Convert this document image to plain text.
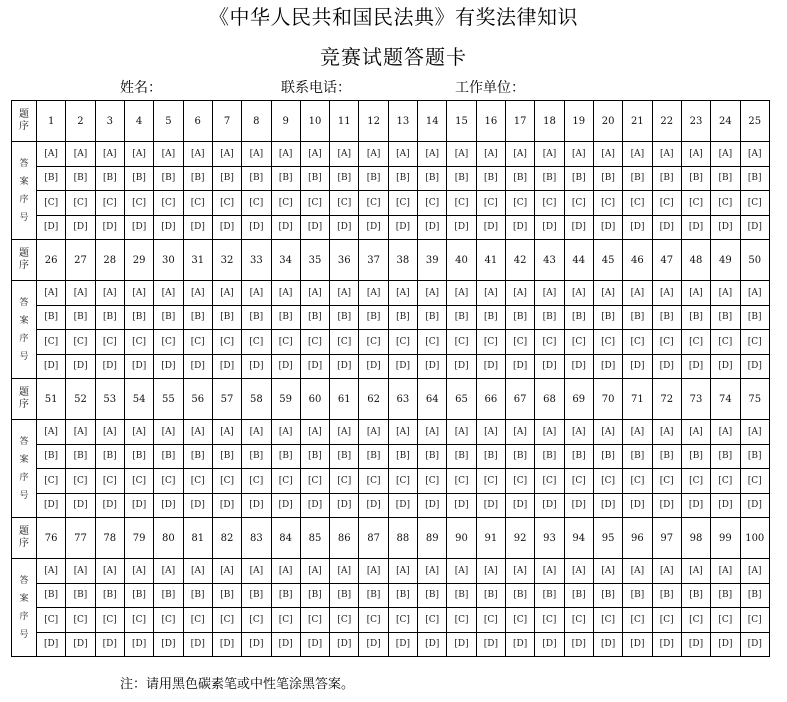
《中华人民共和国民法典》有奖法律知识
竞赛试题答题卡
姓名：	联系电话：	工作单位：
题
序	1	2	3	4	5	6	7	8	9	10	11	12	13	14	15	16	17	18	19	20	21	22	23	24	25

答
案
序
号	[A]	[A]	[A]	[A]	[A]	[A]	[A]	[A]	[A]	[A]	[A]	[A]	[A]	[A]	[A]	[A]	[A]	[A]	[A]	[A]	[A]	[A]	[A]	[A]	[A]
	[B]	[B]	[B]	[B]	[B]	[B]	[B]	[B]	[B]	[B]	[B]	[B]	[B]	[B]	[B]	[B]	[B]	[B]	[B]	[B]	[B]	[B]	[B]	[B]	[B]
	[C]	[C]	[C]	[C]	[C]	[C]	[C]	[C]	[C]	[C]	[C]	[C]	[C]	[C]	[C]	[C]	[C]	[C]	[C]	[C]	[C]	[C]	[C]	[C]	[C]
	[D]	[D]	[D]	[D]	[D]	[D]	[D]	[D]	[D]	[D]	[D]	[D]	[D]	[D]	[D]	[D]	[D]	[D]	[D]	[D]	[D]	[D]	[D]	[D]	[D]

题
序	26	27	28	29	30	31	32	33	34	35	36	37	38	39	40	41	42	43	44	45	46	47	48	49	50

答
案
序
号	[A]	[A]	[A]	[A]	[A]	[A]	[A]	[A]	[A]	[A]	[A]	[A]	[A]	[A]	[A]	[A]	[A]	[A]	[A]	[A]	[A]	[A]	[A]	[A]	[A]
	[B]	[B]	[B]	[B]	[B]	[B]	[B]	[B]	[B]	[B]	[B]	[B]	[B]	[B]	[B]	[B]	[B]	[B]	[B]	[B]	[B]	[B]	[B]	[B]	[B]
	[C]	[C]	[C]	[C]	[C]	[C]	[C]	[C]	[C]	[C]	[C]	[C]	[C]	[C]	[C]	[C]	[C]	[C]	[C]	[C]	[C]	[C]	[C]	[C]	[C]
	[D]	[D]	[D]	[D]	[D]	[D]	[D]	[D]	[D]	[D]	[D]	[D]	[D]	[D]	[D]	[D]	[D]	[D]	[D]	[D]	[D]	[D]	[D]	[D]	[D]

题
序	51	52	53	54	55	56	57	58	59	60	61	62	63	64	65	66	67	68	69	70	71	72	73	74	75

答
案
序
号	[A]	[A]	[A]	[A]	[A]	[A]	[A]	[A]	[A]	[A]	[A]	[A]	[A]	[A]	[A]	[A]	[A]	[A]	[A]	[A]	[A]	[A]	[A]	[A]	[A]
	[B]	[B]	[B]	[B]	[B]	[B]	[B]	[B]	[B]	[B]	[B]	[B]	[B]	[B]	[B]	[B]	[B]	[B]	[B]	[B]	[B]	[B]	[B]	[B]	[B]
	[C]	[C]	[C]	[C]	[C]	[C]	[C]	[C]	[C]	[C]	[C]	[C]	[C]	[C]	[C]	[C]	[C]	[C]	[C]	[C]	[C]	[C]	[C]	[C]	[C]
	[D]	[D]	[D]	[D]	[D]	[D]	[D]	[D]	[D]	[D]	[D]	[D]	[D]	[D]	[D]	[D]	[D]	[D]	[D]	[D]	[D]	[D]	[D]	[D]	[D]

题
序	76	77	78	79	80	81	82	83	84	85	86	87	88	89	90	91	92	93	94	95	96	97	98	99	100

答
案
序
号	[A]	[A]	[A]	[A]	[A]	[A]	[A]	[A]	[A]	[A]	[A]	[A]	[A]	[A]	[A]	[A]	[A]	[A]	[A]	[A]	[A]	[A]	[A]	[A]	[A]
	[B]	[B]	[B]	[B]	[B]	[B]	[B]	[B]	[B]	[B]	[B]	[B]	[B]	[B]	[B]	[B]	[B]	[B]	[B]	[B]	[B]	[B]	[B]	[B]	[B]
	[C]	[C]	[C]	[C]	[C]	[C]	[C]	[C]	[C]	[C]	[C]	[C]	[C]	[C]	[C]	[C]	[C]	[C]	[C]	[C]	[C]	[C]	[C]	[C]	[C]
	[D]	[D]	[D]	[D]	[D]	[D]	[D]	[D]	[D]	[D]	[D]	[D]	[D]	[D]	[D]	[D]	[D]	[D]	[D]	[D]	[D]	[D]	[D]	[D]	[D]
注：请用黑色碳素笔或中性笔涂黑答案。
